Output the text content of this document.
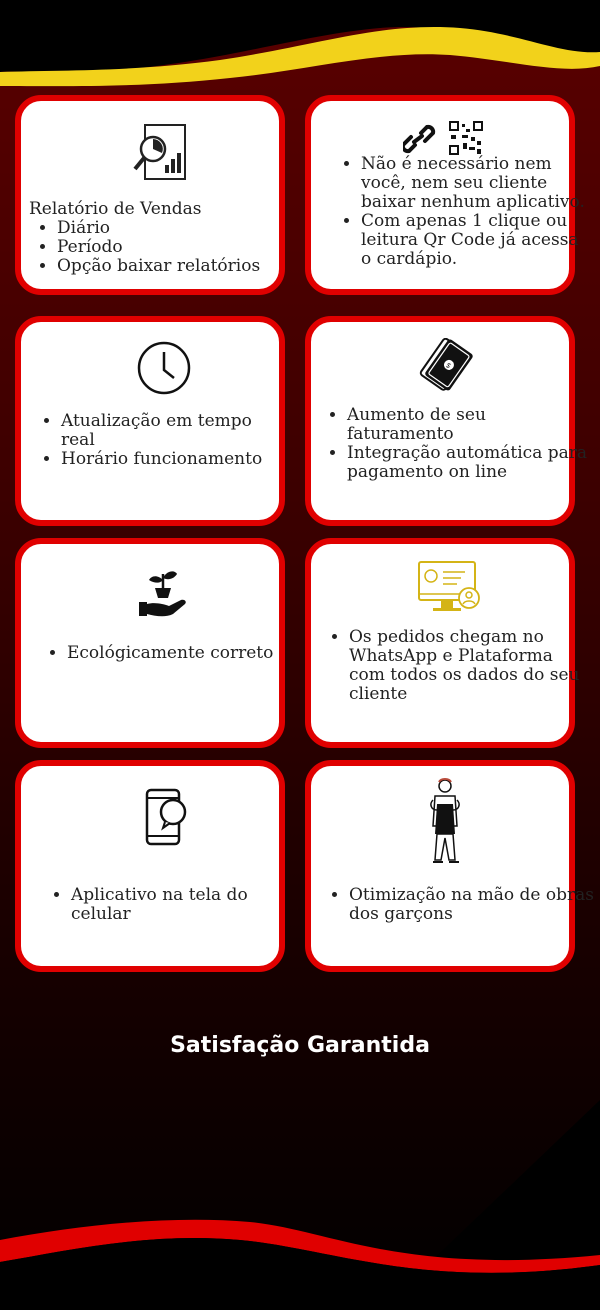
Relatório de Vendas
• Diário
• Período
• Opção baixar relatórios
• Não é necessário nem você, nem seu cliente baixar nenhum aplicativo.
• Com apenas 1 clique ou leitura Qr Code já acessa o cardápio.
• Atualização em tempo real
• Horário funcionamento
$
• Aumento de seu faturamento
• Integração automática para pagamento on line
• Ecológicamente correto
• Os pedidos chegam no WhatsApp e Plataforma com todos os dados do seu cliente
• Aplicativo na tela do celular
• Otimização na mão de obras dos garçons
Satisfação Garantida
